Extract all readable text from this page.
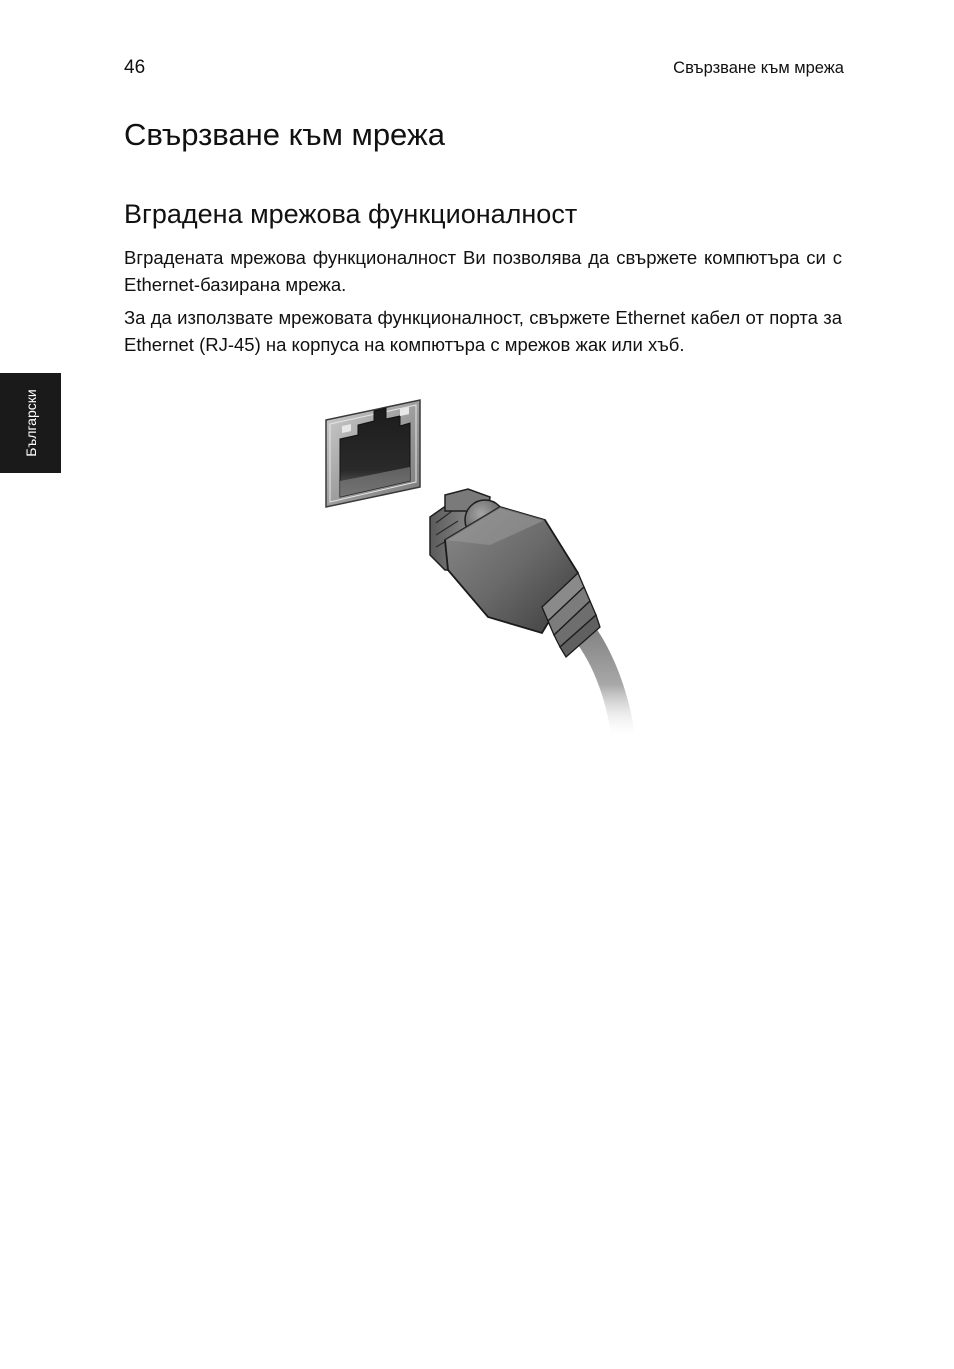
46	Свързване към мрежа
Свързване към мрежа
Вградена мрежова функционалност

Вградената мрежова функционалност Ви позволява да свържете компютъра си с Ethernet-базирана мрежа.

За да използвате мрежовата функционалност, свържете Ethernet кабел от порта за Ethernet (RJ-45) на корпуса на компютъра с мрежов жак или хъб.

Български
